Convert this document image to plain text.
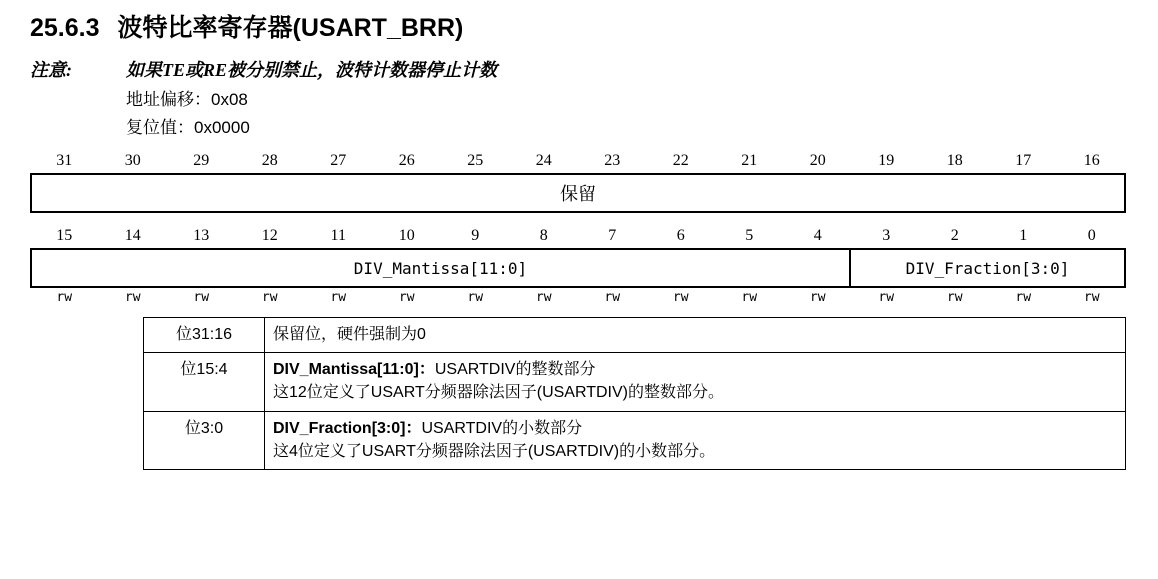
25.6.3 波特比率寄存器(USART_BRR)
注意:	如果TE或RE被分别禁止，波特计数器停止计数
地址偏移：0x08
复位值：0x0000
31	30	29	28	27	26	25	24	23	22	21	20	19	18	17	16
保留
15	14	13	12	11	10	9	8	7	6	5	4	3	2	1	0
DIV_Mantissa[11:0]	DIV_Fraction[3:0]
rw	rw	rw	rw	rw	rw	rw	rw	rw	rw	rw	rw	rw	rw	rw	rw
位31:16	保留位，硬件强制为0

位15:4	DIV_Mantissa[11:0]：USARTDIV的整数部分
这12位定义了USART分频器除法因子(USARTDIV)的整数部分。

位3:0	DIV_Fraction[3:0]：USARTDIV的小数部分
这4位定义了USART分频器除法因子(USARTDIV)的小数部分。
